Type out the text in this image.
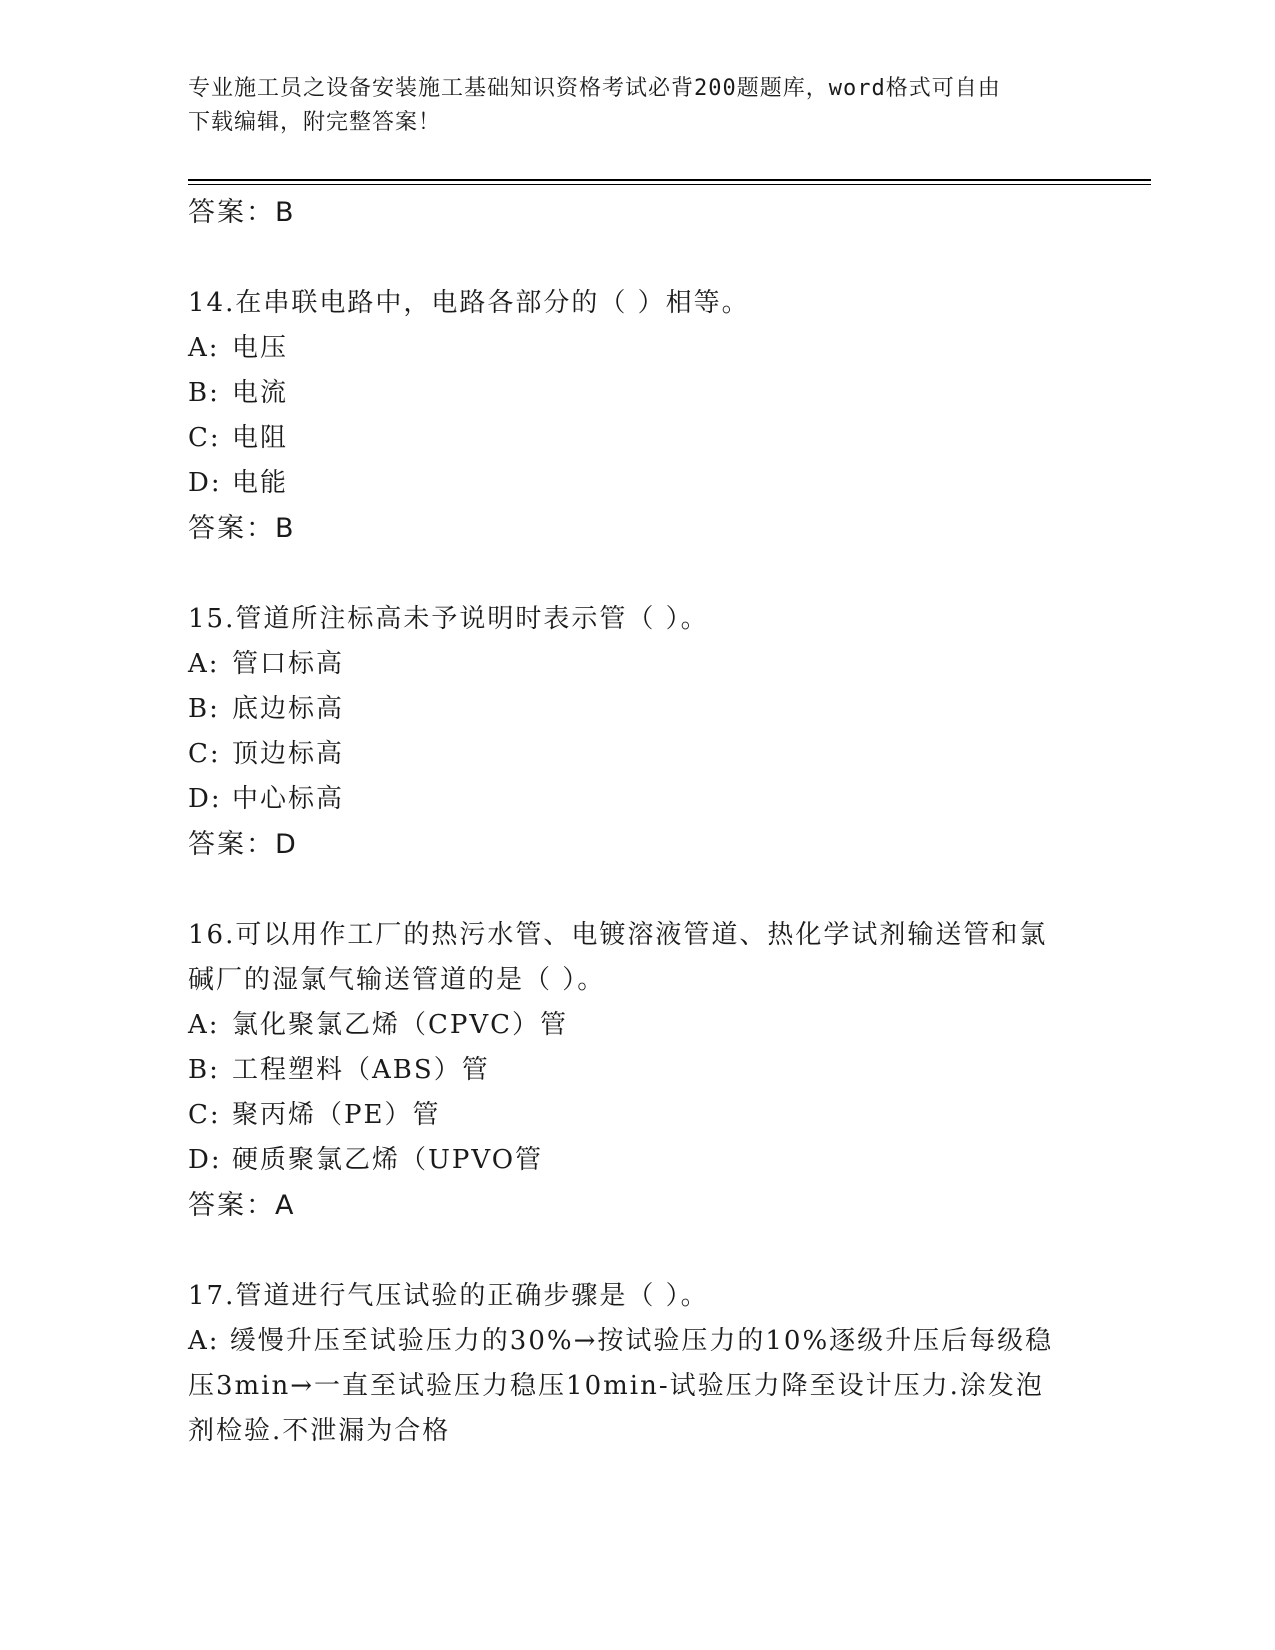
专业施工员之设备安装施工基础知识资格考试必背200题题库，word格式可自由
下载编辑，附完整答案！
答案：B
14.在串联电路中，电路各部分的（ ）相等。
A: 电压
B: 电流
C: 电阻
D: 电能
答案：B
15.管道所注标高未予说明时表示管（ ）。
A: 管口标高
B: 底边标高
C: 顶边标高
D: 中心标高
答案：D
16.可以用作工厂的热污水管、电镀溶液管道、热化学试剂输送管和氯
碱厂的湿氯气输送管道的是（ ）。
A: 氯化聚氯乙烯（CPVC）管
B: 工程塑料（ABS）管
C: 聚丙烯（PE）管
D: 硬质聚氯乙烯（UPVO管
答案：A
17.管道进行气压试验的正确步骤是（ ）。
A: 缓慢升压至试验压力的30%→按试验压力的10%逐级升压后每级稳
压3min→一直至试验压力稳压10min-试验压力降至设计压力.涂发泡
剂检验.不泄漏为合格
